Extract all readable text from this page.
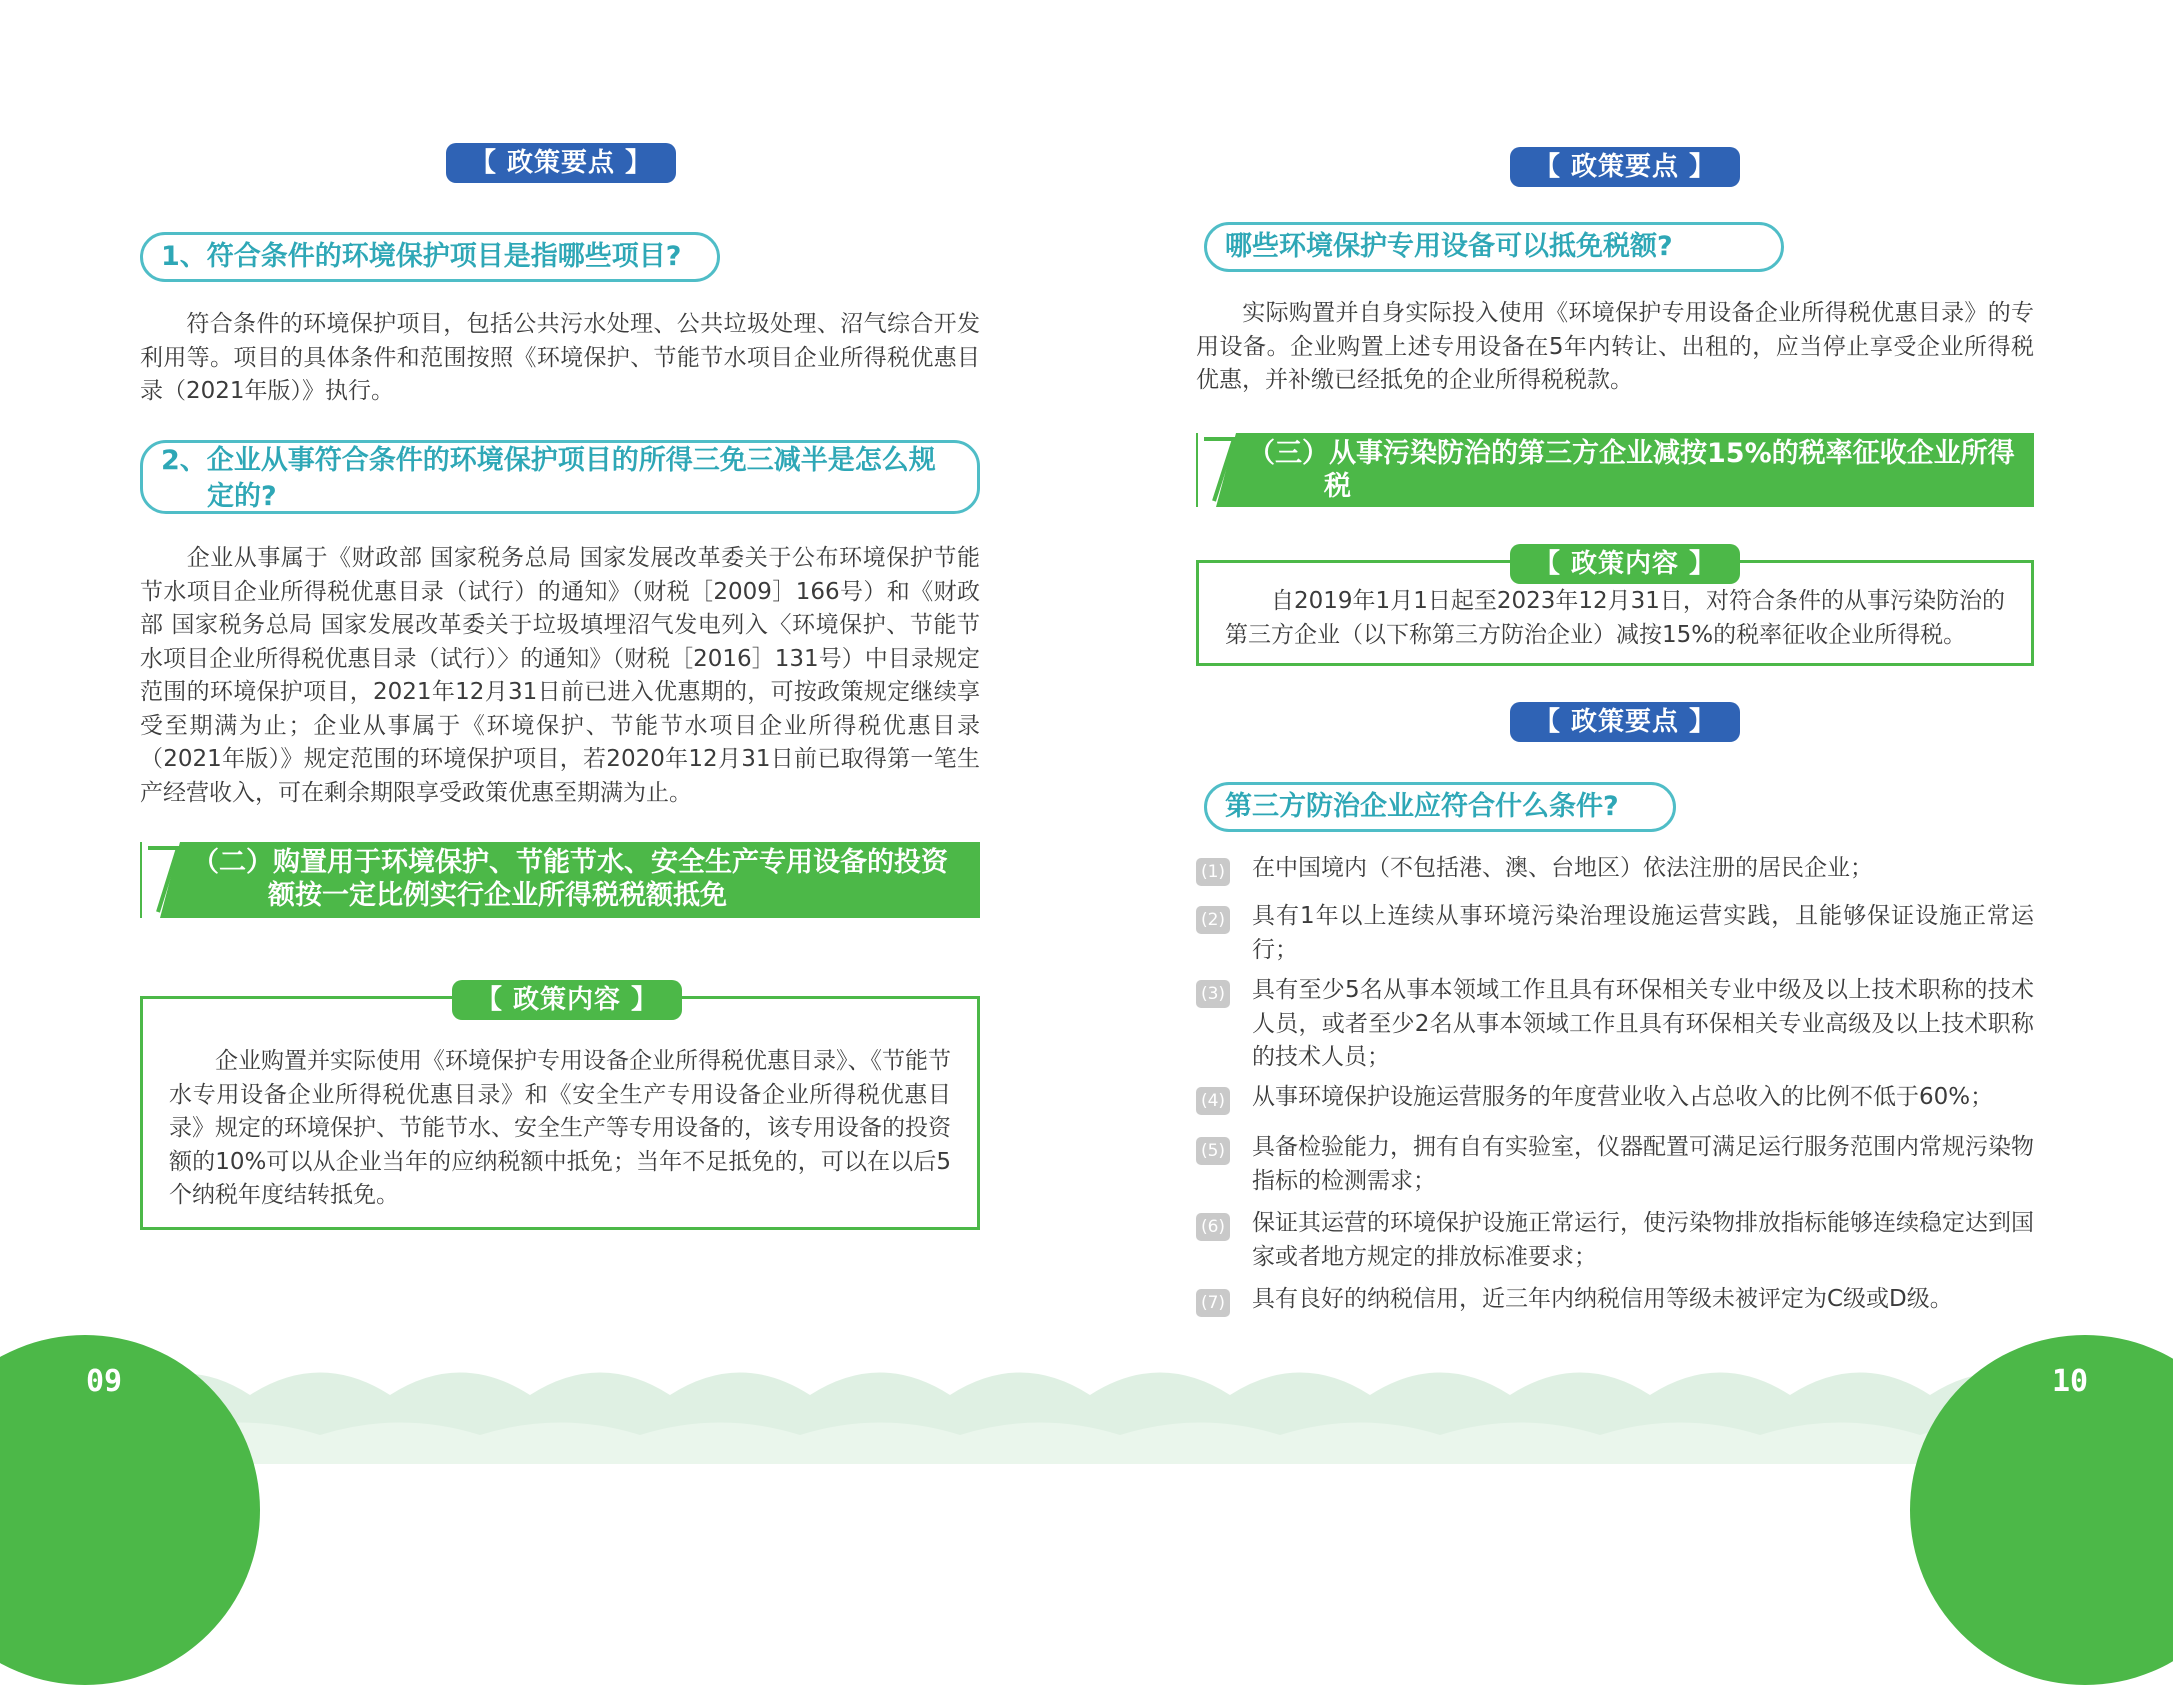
09	10
【 政策要点 】
1、符合条件的环境保护项目是指哪些项目?

符合条件的环境保护项目，包括公共污水处理、公共垃圾处理、沼气综合开发利用等。项目的具体条件和范围按照《环境保护、节能节水项目企业所得税优惠目录（2021年版）》执行。

2、企业从事符合条件的环境保护项目的所得三免三减半是怎么规
定的?

企业从事属于《财政部 国家税务总局 国家发展改革委关于公布环境保护节能节水项目企业所得税优惠目录（试行）的通知》（财税［2009］166号）和《财政部 国家税务总局 国家发展改革委关于垃圾填埋沼气发电列入〈环境保护、节能节水项目企业所得税优惠目录（试行）〉的通知》（财税［2016］131号）中目录规定范围的环境保护项目，2021年12月31日前已进入优惠期的，可按政策规定继续享受至期满为止；企业从事属于《环境保护、节能节水项目企业所得税优惠目录（2021年版）》规定范围的环境保护项目，若2020年12月31日前已取得第一笔生产经营收入，可在剩余期限享受政策优惠至期满为止。

（二）购置用于环境保护、节能节水、安全生产专用设备的投资
额按一定比例实行企业所得税税额抵免

企业购置并实际使用《环境保护专用设备企业所得税优惠目录》、《节能节水专用设备企业所得税优惠目录》和《安全生产专用设备企业所得税优惠目录》规定的环境保护、节能节水、安全生产等专用设备的，该专用设备的投资额的10%可以从企业当年的应纳税额中抵免；当年不足抵免的，可以在以后5个纳税年度结转抵免。

【 政策内容 】
【 政策要点 】
哪些环境保护专用设备可以抵免税额?

实际购置并自身实际投入使用《环境保护专用设备企业所得税优惠目录》的专用设备。企业购置上述专用设备在5年内转让、出租的，应当停止享受企业所得税优惠，并补缴已经抵免的企业所得税税款。

（三）从事污染防治的第三方企业减按15%的税率征收企业所得
税

自2019年1月1日起至2023年12月31日，对符合条件的从事污染防治的第三方企业（以下称第三方防治企业）减按15%的税率征收企业所得税。

【 政策内容 】
【 政策要点 】
第三方防治企业应符合什么条件?
(1) 在中国境内（不包括港、澳、台地区）依法注册的居民企业；
(2) 具有1年以上连续从事环境污染治理设施运营实践，且能够保证设施正常运行；
(3) 具有至少5名从事本领域工作且具有环保相关专业中级及以上技术职称的技术人员，或者至少2名从事本领域工作且具有环保相关专业高级及以上技术职称的技术人员；
(4) 从事环境保护设施运营服务的年度营业收入占总收入的比例不低于60%；
(5) 具备检验能力，拥有自有实验室，仪器配置可满足运行服务范围内常规污染物指标的检测需求；
(6) 保证其运营的环境保护设施正常运行，使污染物排放指标能够连续稳定达到国家或者地方规定的排放标准要求；
(7) 具有良好的纳税信用，近三年内纳税信用等级未被评定为C级或D级。
